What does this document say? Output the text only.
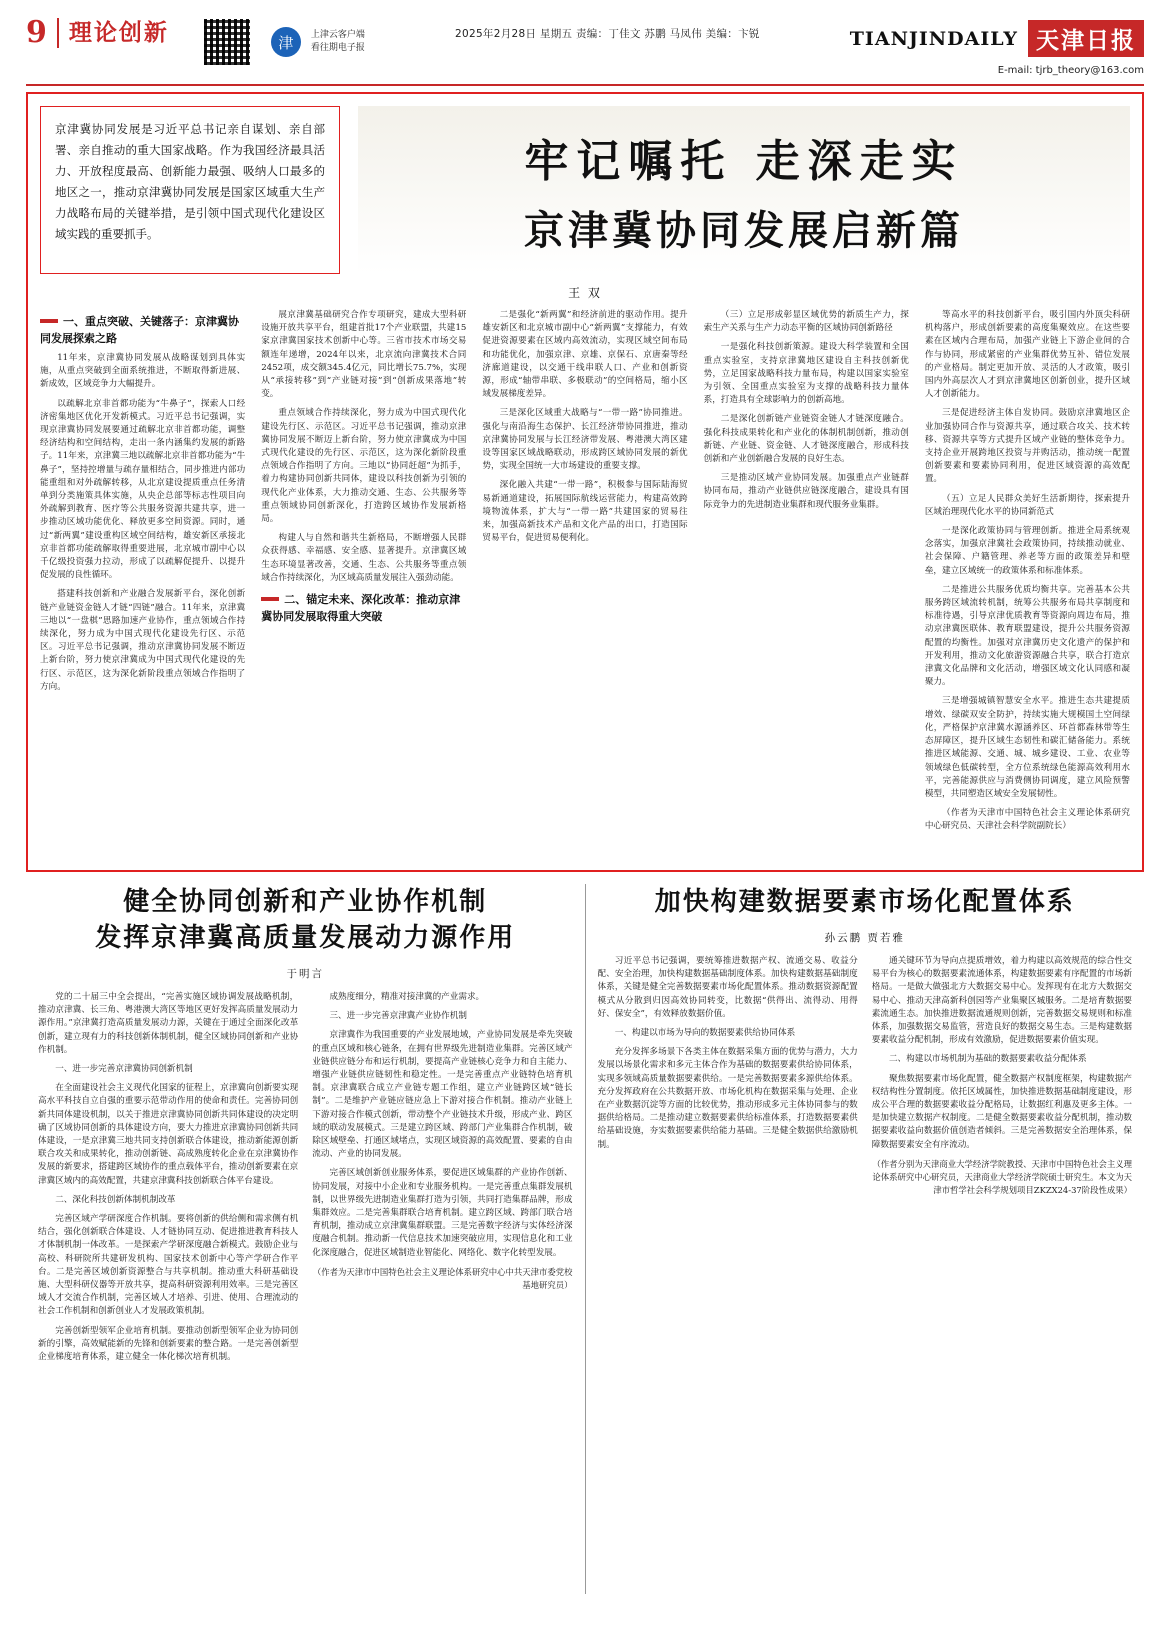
9 理论创新	津	上津云客户端
看往期电子报
2025年2月28日 星期五 责编：丁佳文 苏鹏 马凤伟 美编：卞锐	TIANJINDAILY 天津日报
E-mail: tjrb_theory@163.com
京津冀协同发展是习近平总书记亲自谋划、亲自部署、亲自推动的重大国家战略。作为我国经济最具活力、开放程度最高、创新能力最强、吸纳人口最多的地区之一，推动京津冀协同发展是国家区域重大生产力战略布局的关键举措，是引领中国式现代化建设区域实践的重要抓手。
牢记嘱托 走深走实
京津冀协同发展启新篇
王 双
一、重点突破、关键落子：京津冀协同发展探索之路

11年来，京津冀协同发展从战略谋划到具体实施，从重点突破到全面系统推进，不断取得新进展、新成效，区域竞争力大幅提升。

以疏解北京非首都功能为“牛鼻子”，探索人口经济密集地区优化开发新模式。习近平总书记强调，实现京津冀协同发展要通过疏解北京非首都功能，调整经济结构和空间结构，走出一条内涵集约发展的新路子。11年来，京津冀三地以疏解北京非首都功能为“牛鼻子”，坚持控增量与疏存量相结合，同步推进内部功能重组和对外疏解转移，从北京建设提质重点任务清单到分类施策具体实施，从央企总部等标志性项目向外疏解到教育、医疗等公共服务资源共建共享，进一步推动区域功能优化、释放更多空间资源。同时，通过“新两翼”建设重构区域空间结构，雄安新区承接北京非首都功能疏解取得重要进展，北京城市副中心以千亿级投资强力拉动，形成了以疏解促提升、以提升促发展的良性循环。

搭建科技创新和产业融合发展新平台，深化创新链产业链资金链人才链“四链”融合。11年来，京津冀三地以“一盘棋”思路加速产业协作，重点领域合作持续深化，努力成为中国式现代化建设先行区、示范区。习近平总书记强调，推动京津冀协同发展不断迈上新台阶，努力使京津冀成为中国式现代化建设的先行区、示范区，这为深化新阶段重点领域合作指明了方向。

展京津冀基础研究合作专项研究，建成大型科研设施开放共享平台，组建首批17个产业联盟，共建15家京津冀国家技术创新中心等。三省市技术市场交易额连年递增，2024年以来，北京流向津冀技术合同2452项，成交额345.4亿元，同比增长75.7%，实现从“承接转移”到“产业链对接”到“创新成果落地”转变。

重点领域合作持续深化，努力成为中国式现代化建设先行区、示范区。习近平总书记强调，推动京津冀协同发展不断迈上新台阶，努力使京津冀成为中国式现代化建设的先行区、示范区，这为深化新阶段重点领域合作指明了方向。三地以“协同赶超”为抓手，着力构建协同创新共同体，建设以科技创新为引领的现代化产业体系，大力推动交通、生态、公共服务等重点领域协同创新深化，打造跨区域协作发展新格局。

构建人与自然和谐共生新格局，不断增强人民群众获得感、幸福感、安全感、显著提升。京津冀区域生态环境显著改善，交通、生态、公共服务等重点领域合作持续深化，为区域高质量发展注入强劲动能。

二、锚定未来、深化改革：推动京津冀协同发展取得重大突破

二是强化“新两翼”和经济前进的驱动作用。提升雄安新区和北京城市副中心“新两翼”支撑能力，有效促进资源要素在区域内高效流动，实现区域空间布局和功能优化，加强京津、京雄、京保石、京唐秦等经济廊道建设，以交通干线串联人口、产业和创新资源，形成“轴带串联、多极联动”的空间格局，缩小区域发展梯度差异。

三是深化区域重大战略与“一带一路”协同推进。强化与南沿海生态保护、长江经济带协同推进，推动京津冀协同发展与长江经济带发展、粤港澳大湾区建设等国家区域战略联动，形成跨区域协同发展的新优势，实现全国统一大市场建设的重要支撑。

深化融入共建“一带一路”，积极参与国际陆海贸易新通道建设，拓展国际航线运营能力，构建高效跨境物流体系，扩大与“一带一路”共建国家的贸易往来，加强高新技术产品和文化产品的出口，打造国际贸易平台，促进贸易便利化。

（三）立足形成彰显区域优势的新质生产力，探索生产关系与生产力动态平衡的区域协同创新路径

一是强化科技创新策源。建设大科学装置和全国重点实验室，支持京津冀地区建设自主科技创新优势，立足国家战略科技力量布局，构建以国家实验室为引领、全国重点实验室为支撑的战略科技力量体系，打造具有全球影响力的创新高地。

二是深化创新链产业链资金链人才链深度融合。强化科技成果转化和产业化的体制机制创新，推动创新链、产业链、资金链、人才链深度融合，形成科技创新和产业创新融合发展的良好生态。

三是推动区域产业协同发展。加强重点产业链群协同布局，推动产业链供应链深度融合，建设具有国际竞争力的先进制造业集群和现代服务业集群。

等高水平的科技创新平台，吸引国内外顶尖科研机构落户，形成创新要素的高度集聚效应。在这些要素在区域内合理布局，加强产业链上下游企业间的合作与协同，形成紧密的产业集群优势互补、错位发展的产业格局。制定更加开放、灵活的人才政策，吸引国内外高层次人才到京津冀地区创新创业，提升区域人才创新能力。

三是促进经济主体自发协同。鼓励京津冀地区企业加强协同合作与资源共享，通过联合攻关、技术转移、资源共享等方式提升区域产业链的整体竞争力。支持企业开展跨地区投资与并购活动，推动统一配置创新要素和要素协同利用，促进区域资源的高效配置。

（五）立足人民群众美好生活新期待，探索提升区域治理现代化水平的协同新范式

一是深化政策协同与管理创新。推进全局系统观念落实，加强京津冀社会政策协同，持续推动就业、社会保障、户籍管理、养老等方面的政策差异和壁垒，建立区域统一的政策体系和标准体系。

二是推进公共服务优质均衡共享。完善基本公共服务跨区域流转机制，统筹公共服务布局共享制度和标准待遇，引导京津优质教育等资源向周边布局，推动京津冀医联体、教育联盟建设，提升公共服务资源配置的均衡性。加强对京津冀历史文化遗产的保护和开发利用，推动文化旅游资源融合共享，联合打造京津冀文化品牌和文化活动，增强区域文化认同感和凝聚力。

三是增强城镇智慧安全水平。推进生态共建提质增效、绿碳双安全防护，持续实施大规模国土空间绿化，严格保护京津冀水源涵养区、环首都森林带等生态屏障区，提升区域生态韧性和碳汇储备能力。系统推进区域能源、交通、城、城乡建设、工业、农业等领域绿色低碳转型，全方位系统绿色能源高效利用水平，完善能源供应与消费侧协同调度，建立风险预警模型，共同塑造区域安全发展韧性。

（作者为天津市中国特色社会主义理论体系研究中心研究员、天津社会科学院副院长）

健全协同创新和产业协作机制
发挥京津冀高质量发展动力源作用
于明言

党的二十届三中全会提出，“完善实施区域协调发展战略机制，推动京津冀、长三角、粤港澳大湾区等地区更好发挥高质量发展动力源作用。”京津冀打造高质量发展动力源，关键在于通过全面深化改革创新，建立现有力的科技创新体制机制，健全区域协同创新和产业协作机制。

一、进一步完善京津冀协同创新机制

在全面建设社会主义现代化国家的征程上，京津冀向创新要实现高水平科技自立自强的重要示范带动作用的使命和责任。完善协同创新共同体建设机制，以关于推进京津冀协同创新共同体建设的决定明确了区域协同创新的具体建设方向，要大力推进京津冀协同创新共同体建设，一是京津冀三地共同支持创新联合体建设，推动新能源创新联合攻关和成果转化，推动创新链、高成熟度转化企业在京津冀协作发展的新要求，搭建跨区域协作的重点载体平台，推动创新要素在京津冀区域内的高效配置，共建京津冀科技创新联合体平台建设。

二、深化科技创新体制机制改革

完善区域产学研深度合作机制。要将创新的供给侧和需求侧有机结合，强化创新联合体建设、人才链协同互动、促进推进教育科技人才体制机制一体改革。一是探索产学研深度融合新模式。鼓励企业与高校、科研院所共建研发机构、国家技术创新中心等产学研合作平台。二是完善区域创新资源整合与共享机制。推动重大科研基础设施、大型科研仪器等开放共享，提高科研资源利用效率。三是完善区域人才交流合作机制，完善区域人才培养、引进、使用、合理流动的社会工作机制和创新创业人才发展政策机制。

完善创新型领军企业培育机制。要推动创新型领军企业为协同创新的引擎，高效赋能新的先锋和创新要素的整合路。一是完善创新型企业梯度培育体系，建立健全一体化梯次培育机制。

成熟度细分，精准对接津冀的产业需求。

三、进一步完善京津冀产业协作机制

京津冀作为我国重要的产业发展地域，产业协同发展是牵先突破的重点区域和核心链条，在拥有世界级先进制造业集群。完善区域产业链供应链分布和运行机制，要提高产业链核心竞争力和自主能力、增强产业链供应链韧性和稳定性。一是完善重点产业链特色培育机制。京津冀联合成立产业链专题工作组，建立产业链跨区域“链长制”。二是维护产业链应链应急上下游对接合作机制。推动产业链上下游对接合作模式创新，带动整个产业链技术升级，形成产业、跨区域的联动发展模式。三是建立跨区域、跨部门产业集群合作机制，破除区域壁垒、打通区域堵点，实现区域资源的高效配置、要素的自由流动、产业的协同发展。

完善区域创新创业服务体系，要促进区域集群的产业协作创新、协同发展，对接中小企业和专业服务机构。一是完善重点集群发展机制，以世界级先进制造业集群打造为引领，共同打造集群品牌，形成集群效应。二是完善集群联合培育机制。建立跨区域、跨部门联合培育机制，推动成立京津冀集群联盟。三是完善数字经济与实体经济深度融合机制。推动新一代信息技术加速突破应用，实现信息化和工业化深度融合，促进区域制造业智能化、网络化、数字化转型发展。

（作者为天津市中国特色社会主义理论体系研究中心中共天津市委党校基地研究员）
加快构建数据要素市场化配置体系
孙云鹏 贾若雅

习近平总书记强调，要统筹推进数据产权、流通交易、收益分配、安全治理，加快构建数据基础制度体系。加快构建数据基础制度体系，关键是健全完善数据要素市场化配置体系。推动数据资源配置模式从分散到归因高效协同转变，比数据“供得出、流得动、用得好、保安全”，有效释放数据价值。

一、构建以市场为导向的数据要素供给协同体系

充分发挥多场景下各类主体在数据采集方面的优势与潜力，大力发展以场景化需求和多元主体合作为基础的数据要素供给协同体系，实现多领域高质量数据要素供给。一是完善数据要素多源供给体系。充分发挥政府在公共数据开放、市场化机构在数据采集与处理、企业在产业数据沉淀等方面的比较优势，推动形成多元主体协同参与的数据供给格局。二是推动建立数据要素供给标准体系，打造数据要素供给基础设施，夯实数据要素供给能力基础。三是健全数据供给激励机制。

通关键环节为导向点提质增效，着力构建以高效规范的综合性交易平台为核心的数据要素流通体系，构建数据要素有序配置的市场新格局。一是做大做强北方大数据交易中心。发挥现有在北方大数据交易中心、推动天津高新科创园等产业集聚区城服务。二是培育数据要素流通生态。加快推进数据流通规则创新，完善数据交易规则和标准体系，加强数据交易监管，营造良好的数据交易生态。三是构建数据要素收益分配机制，形成有效激励，促进数据要素价值实现。

二、构建以市场机制为基础的数据要素收益分配体系

聚焦数据要素市场化配置，健全数据产权制度框架，构建数据产权结构性分置制度。依托区域属性，加快推进数据基础制度建设，形成公平合理的数据要素收益分配格局，让数据红利惠及更多主体。一是加快建立数据产权制度。二是健全数据要素收益分配机制，推动数据要素收益向数据价值创造者倾斜。三是完善数据安全治理体系，保障数据要素安全有序流动。

（作者分别为天津商业大学经济学院教授、天津市中国特色社会主义理论体系研究中心研究员，天津商业大学经济学院硕士研究生。本文为天津市哲学社会科学规划项目ZKZX24-37阶段性成果）
